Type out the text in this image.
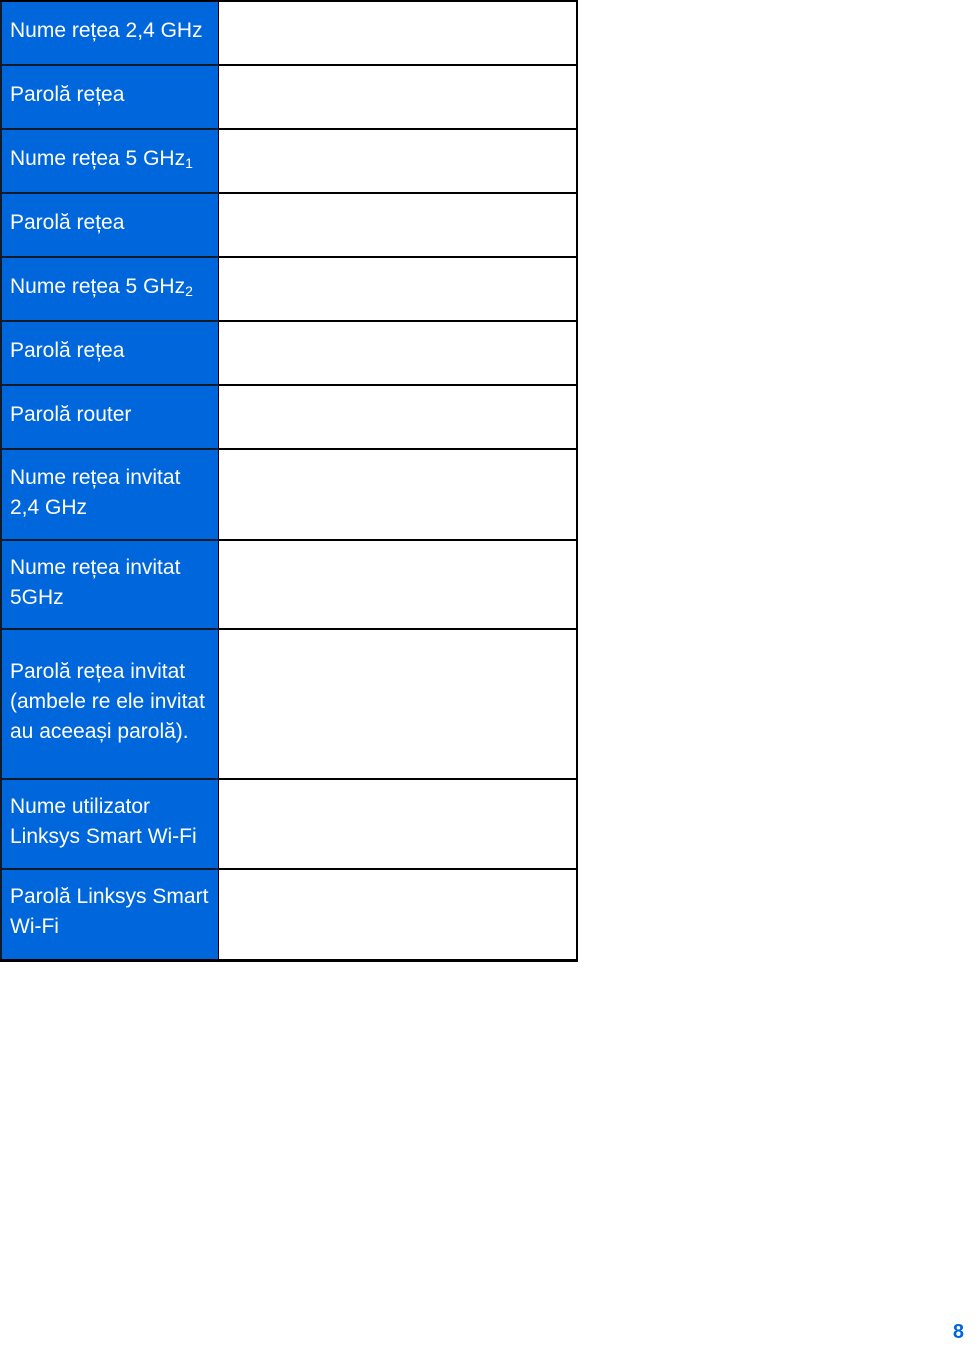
Nume rețea 2,4 GHz	

Parolă rețea	

Nume rețea 5 GHz$_1$

Parolă rețea	

Nume rețea 5 GHz$_2$

Parolă rețea	

Parolă router	

Nume rețea invitat 2,4 GHz	

Nume rețea invitat 5GHz	

Parolă rețea invitat (ambele re ele invitat au aceeași parolă).	

Nume utilizator Linksys Smart Wi-Fi	

Parolă Linksys Smart Wi-Fi	

8
